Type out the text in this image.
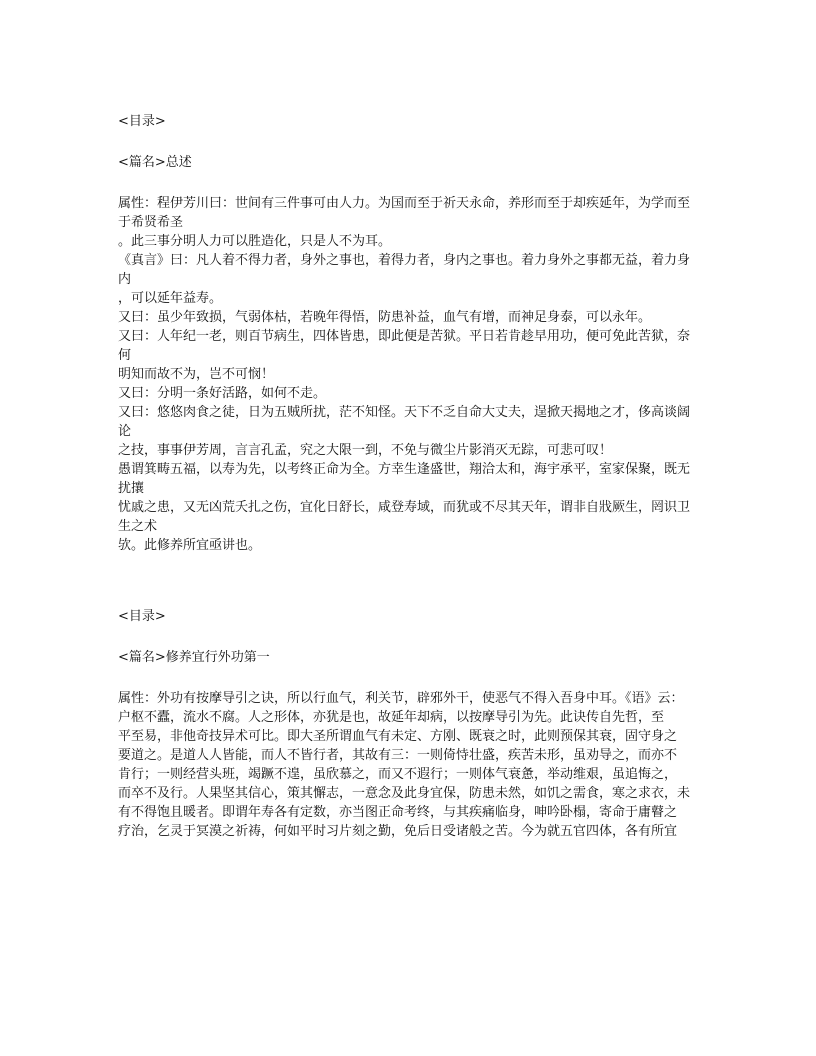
<目录>

<篇名>总述

属性：程伊芳川曰：世间有三件事可由人力。为国而至于祈天永命，养形而至于却疾延年，为学而至于希贤希圣

。此三事分明人力可以胜造化，只是人不为耳。

《真言》曰：凡人着不得力者，身外之事也，着得力者，身内之事也。着力身外之事都无益，着力身内

，可以延年益寿。

又曰：虽少年致损，气弱体枯，若晚年得悟，防患补益，血气有增，而神足身泰，可以永年。

又曰：人年纪一老，则百节病生，四体皆患，即此便是苦狱。平日若肯趁早用功，便可免此苦狱，奈何

明知而故不为，岂不可悯！

又曰：分明一条好活路，如何不走。

又曰：悠悠肉食之徒，日为五贼所扰，茫不知怪。天下不乏自命大丈夫，逞掀天揭地之才，侈高谈阔论

之技，事事伊芳周，言言孔孟，究之大限一到，不免与微尘片影消灭无踪，可悲可叹！

愚谓箕畴五福，以寿为先，以考终正命为全。方幸生逢盛世，翔洽太和，海宇承平，室家保聚，既无扰攘

忧戚之患，又无凶荒夭扎之伤，宜化日舒长，咸登寿域，而犹或不尽其天年，谓非自戕厥生，罔识卫生之术

欤。此修养所宜亟讲也。

<目录>

<篇名>修养宜行外功第一

属性：外功有按摩导引之诀，所以行血气，利关节，辟邪外干，使恶气不得入吾身中耳。《语》云：

户枢不蠹，流水不腐。人之形体，亦犹是也，故延年却病，以按摩导引为先。此诀传自先哲，至

平至易，非他奇技异术可比。即大圣所谓血气有未定、方刚、既衰之时，此则预保其衰，固守身之

要道之。是道人人皆能，而人不皆行者，其故有三：一则倚恃壮盛，疾苦未形，虽劝导之，而亦不

肯行；一则经营头班，竭蹶不遑，虽欣慕之，而又不遐行；一则体气衰惫，举动维艰，虽追悔之，

而卒不及行。人果坚其信心，策其懈志，一意念及此身宜保，防患未然，如饥之需食，寒之求衣，未

有不得饱且暖者。即谓年寿各有定数，亦当图正命考终，与其疾痛临身，呻吟卧榻，寄命于庸瞽之

疗治，乞灵于冥漠之祈祷，何如平时习片刻之勤，免后日受诸般之苦。今为就五官四体，各有所宜
